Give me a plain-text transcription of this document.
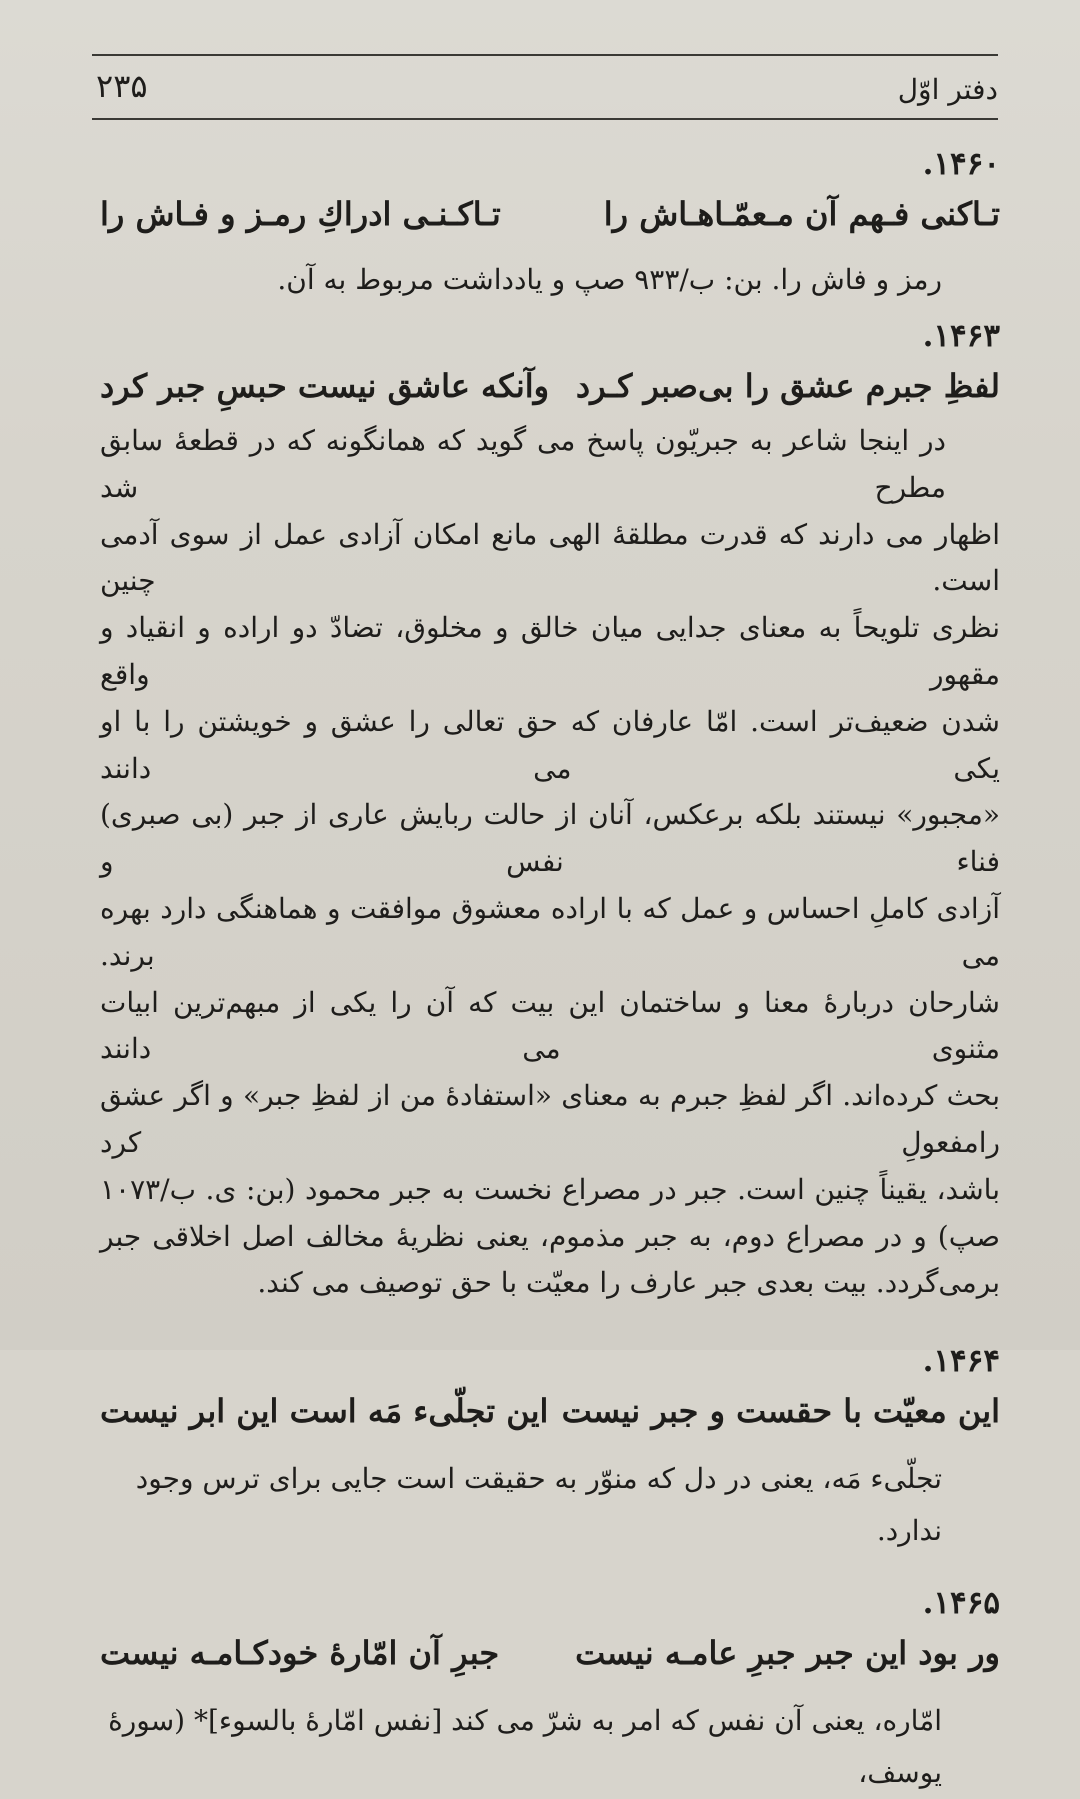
دفتر اوّل
۲۳۵
۱۴۶۰.
تـاکنی فـهم آن مـعمّـاهـاش را
تـاکـنـی ادراكِ رمـز و فـاش را
رمز و فاش را. بن: ب/۹۳۳ صپ و یادداشت مربوط به آن.
۱۴۶۳.
لفظِ جبرم عشق را بی‌صبر کـرد
وآنکه عاشق نیست حبسِ جبر کرد
در اینجا شاعر به جبریّون پاسخ می گوید که همانگونه که در قطعهٔ سابق مطرح شد
اظهار می دارند که قدرت مطلقهٔ الهی مانع امکان آزادی عمل از سوی آدمی است. چنین
نظری تلویحاً به معنای جدایی میان خالق و مخلوق، تضادّ دو اراده و انقیاد و مقهور واقع
شدن ضعیف‌تر است. امّا عارفان که حق تعالی را عشق و خویشتن را با او یکی می دانند
«مجبور» نیستند بلکه برعکس، آنان از حالت ربایش عاری از جبر (بی صبری) فناء نفس و
آزادی کاملِ احساس و عمل که با اراده معشوق موافقت و هماهنگی دارد بهره می برند.
شارحان دربارهٔ معنا و ساختمان این بیت که آن را یکی از مبهم‌ترین ابیات مثنوی می دانند
بحث کرده‌اند. اگر لفظِ جبرم به معنای «استفادهٔ من از لفظِ جبر» و اگر عشق رامفعولِ کرد
باشد، یقیناً چنین است. جبر در مصراع نخست به جبر محمود (بن: ی. ب/۱۰۷۳
صپ) و در مصراع دوم، به جبر مذموم، یعنی نظریهٔ مخالف اصل اخلاقی جبر
برمی‌گردد. بیت بعدی جبر عارف را معیّت با حق توصیف می کند.
۱۴۶۴.
این معیّت با حقست و جبر نیست
این تجلّیء مَه است این ابر نیست
تجلّیء مَه، یعنی در دل که منوّر به حقیقت است جایی برای ترس وجود ندارد.
۱۴۶۵.
ور بود این جبر جبرِ عامـه نیست
جبرِ آن امّارهٔ خودکـامـه نیست
امّاره، یعنی آن نفس که امر به شرّ می کند [نفس امّارهٔ بالسوء]* (سورهٔ یوسف،
